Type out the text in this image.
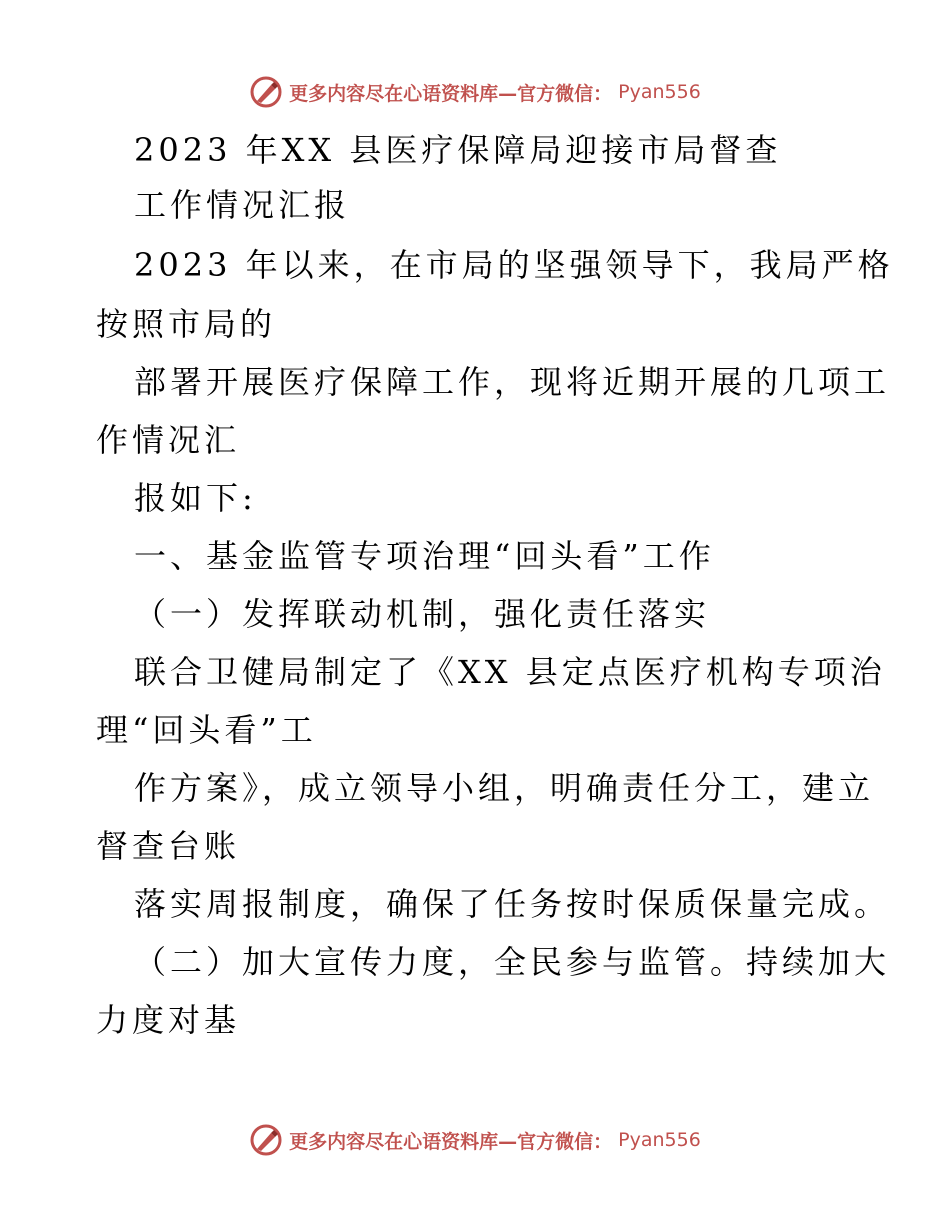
更多内容尽在心语资料库—官方微信： Pyan556
2023 年XX 县医疗保障局迎接市局督查
工作情况汇报
2023 年以来，在市局的坚强领导下，我局严格
按照市局的
部署开展医疗保障工作，现将近期开展的几项工
作情况汇
报如下:
一、基金监管专项治理“回头看”工作
（一）发挥联动机制，强化责任落实
联合卫健局制定了《XX 县定点医疗机构专项治
理“回头看”工
作方案》，成立领导小组，明确责任分工，建立
督查台账
落实周报制度，确保了任务按时保质保量完成。
（二）加大宣传力度，全民参与监管。持续加大
力度对基
更多内容尽在心语资料库—官方微信： Pyan556
